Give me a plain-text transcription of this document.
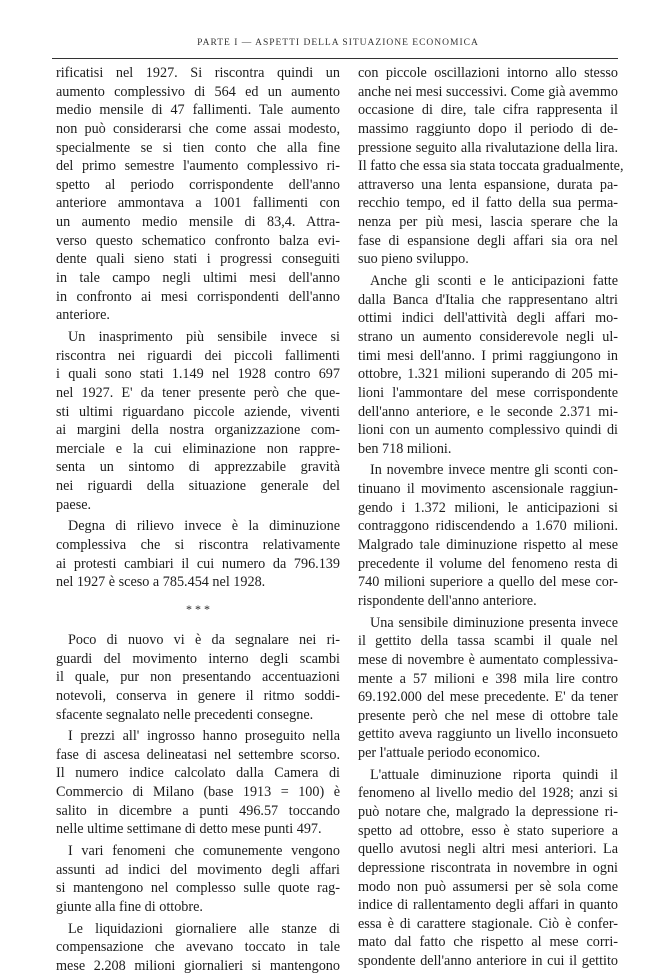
PARTE I — ASPETTI DELLA SITUAZIONE ECONOMICA
rificatisi nel 1927. Si riscontra quindi un
aumento complessivo di 564 ed un aumento
medio mensile di 47 fallimenti. Tale aumento
non può considerarsi che come assai modesto,
specialmente se si tien conto che alla fine
del primo semestre l'aumento complessivo ri-
spetto al periodo corrispondente dell'anno
anteriore ammontava a 1001 fallimenti con
un aumento medio mensile di 83,4. Attra-
verso questo schematico confronto balza evi-
dente quali sieno stati i progressi conseguiti
in tale campo negli ultimi mesi dell'anno
in confronto ai mesi corrispondenti dell'anno
anteriore.
Un inasprimento più sensibile invece si
riscontra nei riguardi dei piccoli fallimenti
i quali sono stati 1.149 nel 1928 contro 697
nel 1927. E' da tener presente però che que-
sti ultimi riguardano piccole aziende, viventi
ai margini della nostra organizzazione com-
merciale e la cui eliminazione non rappre-
senta un sintomo di apprezzabile gravità
nei riguardi della situazione generale del
paese.
Degna di rilievo invece è la diminuzione
complessiva che si riscontra relativamente
ai protesti cambiari il cui numero da 796.139
nel 1927 è sceso a 785.454 nel 1928.
* * *
Poco di nuovo vi è da segnalare nei ri-
guardi del movimento interno degli scambi
il quale, pur non presentando accentuazioni
notevoli, conserva in genere il ritmo soddi-
sfacente segnalato nelle precedenti consegne.
I prezzi all' ingrosso hanno proseguito nella
fase di ascesa delineatasi nel settembre scorso.
Il numero indice calcolato dalla Camera di
Commercio di Milano (base 1913 = 100) è
salito in dicembre a punti 496.57 toccando
nelle ultime settimane di detto mese punti 497.
I vari fenomeni che comunemente vengono
assunti ad indici del movimento degli affari
si mantengono nel complesso sulle quote rag-
giunte alla fine di ottobre.
Le liquidazioni giornaliere alle stanze di
compensazione che avevano toccato in tale
mese 2.208 milioni giornalieri si mantengono
con piccole oscillazioni intorno allo stesso
anche nei mesi successivi. Come già avemmo
occasione di dire, tale cifra rappresenta il
massimo raggiunto dopo il periodo di de-
pressione seguito alla rivalutazione della lira.
Il fatto che essa sia stata toccata gradualmente,
attraverso una lenta espansione, durata pa-
recchio tempo, ed il fatto della sua perma-
nenza per più mesi, lascia sperare che la
fase di espansione degli affari sia ora nel
suo pieno sviluppo.
Anche gli sconti e le anticipazioni fatte
dalla Banca d'Italia che rappresentano altri
ottimi indici dell'attività degli affari mo-
strano un aumento considerevole negli ul-
timi mesi dell'anno. I primi raggiungono in
ottobre, 1.321 milioni superando di 205 mi-
lioni l'ammontare del mese corrispondente
dell'anno anteriore, e le seconde 2.371 mi-
lioni con un aumento complessivo quindi di
ben 718 milioni.
In novembre invece mentre gli sconti con-
tinuano il movimento ascensionale raggiun-
gendo i 1.372 milioni, le anticipazioni si
contraggono ridiscendendo a 1.670 milioni.
Malgrado tale diminuzione rispetto al mese
precedente il volume del fenomeno resta di
740 milioni superiore a quello del mese cor-
rispondente dell'anno anteriore.
Una sensibile diminuzione presenta invece
il gettito della tassa scambi il quale nel
mese di novembre è aumentato complessiva-
mente a 57 milioni e 398 mila lire contro
69.192.000 del mese precedente. E' da tener
presente però che nel mese di ottobre tale
gettito aveva raggiunto un livello inconsueto
per l'attuale periodo economico.
L'attuale diminuzione riporta quindi il
fenomeno al livello medio del 1928; anzi si
può notare che, malgrado la depressione ri-
spetto ad ottobre, esso è stato superiore a
quello avutosi negli altri mesi anteriori. La
depressione riscontrata in novembre in ogni
modo non può assumersi per sè sola come
indice di rallentamento degli affari in quanto
essa è di carattere stagionale. Ciò è confer-
mato dal fatto che rispetto al mese corri-
spondente dell'anno anteriore in cui il gettito
